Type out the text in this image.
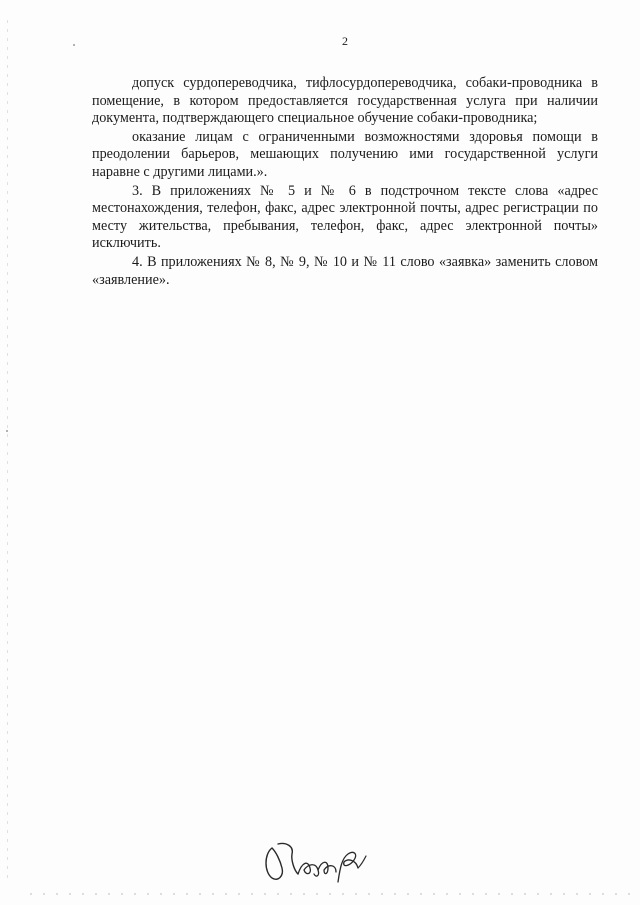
2

допуск сурдопереводчика, тифлосурдопереводчика, собаки-проводника в помещение, в котором предоставляется государственная услуга при наличии документа, подтверждающего специальное обучение собаки-проводника;

оказание лицам с ограниченными возможностями здоровья помощи в преодолении барьеров, мешающих получению ими государственной услуги наравне с другими лицами.».

3. В приложениях № 5 и № 6 в подстрочном тексте слова «адрес местонахождения, телефон, факс, адрес электронной почты, адрес регистрации по месту жительства, пребывания, телефон, факс, адрес электронной почты» исключить.

4. В приложениях № 8, № 9, № 10 и № 11 слово «заявка» заменить словом «заявление».
